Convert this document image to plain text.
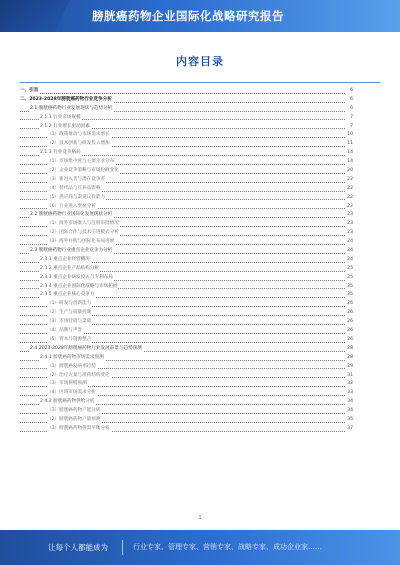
膀胱癌药物企业国际化战略研究报告
内容目录
一、引言	6
二、2023-2028年膀胱癌药物行业竞争分析	6
2.1 膀胱癌药物行业发展现状与趋势分析	6
2.1.1 行业市场规模	7
2.1.2 行业增长驱动因素	7
（1）政策推动与市场需求增长	10
（2）技术创新与研发投入增加	11
2.1.3 行业竞争格局	14
（1）市场集中度与主要企业分布	14
（2）企业竞争策略与市场份额变化	20
（3）新进入者与潜在竞争者	22
（4）替代品与互补品影响	22
（5）供应商与渠道议价能力	22
（6）行业进入壁垒分析	22
2.2 膀胱癌药物行业国际化发展现状分析	23
（1）海外市场准入与注册审批情况	23
（2）国际合作与技术引进模式分析	23
（3）海外并购与国际化布局进展	24
2.3 膀胱癌药物行业重点企业竞争力分析	24
2.3.1 重点企业经营概况	24
2.3.2 重点企业产品结构分析	25
2.3.3 重点企业研发投入与专利布局	25
2.3.4 重点企业国际化战略与市场拓展	25
2.3.5 重点企业核心竞争力	25
（1）研发与创新能力	26
（2）生产与质量控制	26
（3）市场营销与渠道	26
（4）品牌与声誉	26
（5）资本与资源整合	26
2.4 2023-2028年膀胱癌药物行业发展前景与趋势预测	28
2.4.1 膀胱癌药物市场需求预测	28
（1）膀胱癌发病率趋势	29
（2）治疗方案与用药结构变化	31
（3）市场规模预测	32
（4）区域市场需求分析	33
2.4.2 膀胱癌药物供给分析	34
（1）膀胱癌药物产能分析	34
（2）膀胱癌药物产量预测	35
（3）膀胱癌药物供需平衡分析	37
1
让每个人都能成为	行业专家、管理专家、营销专家、战略专家、成功企业家……
